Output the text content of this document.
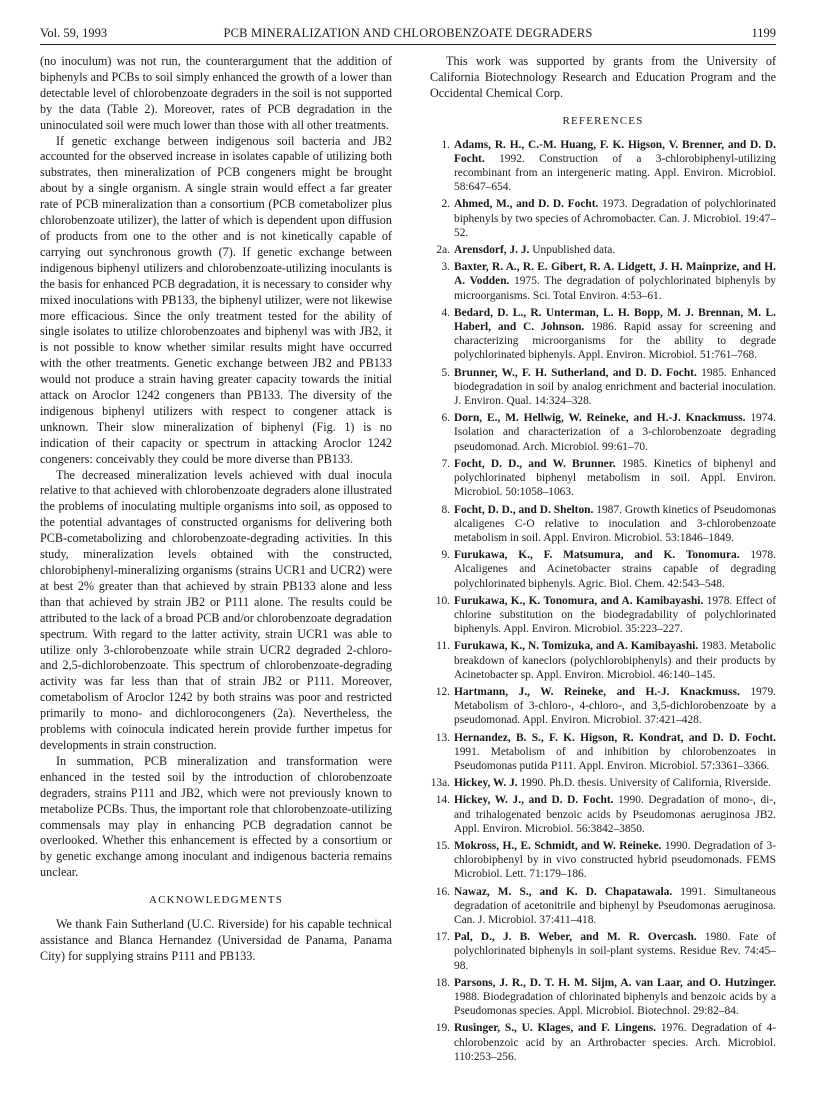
Vol. 59, 1993	PCB MINERALIZATION AND CHLOROBENZOATE DEGRADERS	1199

(no inoculum) was not run, the counterargument that the addition of biphenyls and PCBs to soil simply enhanced the growth of a lower than detectable level of chlorobenzoate degraders in the soil is not supported by the data (Table 2). Moreover, rates of PCB degradation in the uninoculated soil were much lower than those with all other treatments.

If genetic exchange between indigenous soil bacteria and JB2 accounted for the observed increase in isolates capable of utilizing both substrates, then mineralization of PCB congeners might be brought about by a single organism. A single strain would effect a far greater rate of PCB mineralization than a consortium (PCB cometabolizer plus chlorobenzoate utilizer), the latter of which is dependent upon diffusion of products from one to the other and is not kinetically capable of carrying out synchronous growth (7). If genetic exchange between indigenous biphenyl utilizers and chlorobenzoate-utilizing inoculants is the basis for enhanced PCB degradation, it is necessary to consider why mixed inoculations with PB133, the biphenyl utilizer, were not likewise more efficacious. Since the only treatment tested for the ability of single isolates to utilize chlorobenzoates and biphenyl was with JB2, it is not possible to know whether similar results might have occurred with the other treatments. Genetic exchange between JB2 and PB133 would not produce a strain having greater capacity towards the initial attack on Aroclor 1242 congeners than PB133. The diversity of the indigenous biphenyl utilizers with respect to congener attack is unknown. Their slow mineralization of biphenyl (Fig. 1) is no indication of their capacity or spectrum in attacking Aroclor 1242 congeners: conceivably they could be more diverse than PB133.

The decreased mineralization levels achieved with dual inocula relative to that achieved with chlorobenzoate degraders alone illustrated the problems of inoculating multiple organisms into soil, as opposed to the potential advantages of constructed organisms for delivering both PCB-cometabolizing and chlorobenzoate-degrading activities. In this study, mineralization levels obtained with the constructed, chlorobiphenyl-mineralizing organisms (strains UCR1 and UCR2) were at best 2% greater than that achieved by strain PB133 alone and less than that achieved by strain JB2 or P111 alone. The results could be attributed to the lack of a broad PCB and/or chlorobenzoate degradation spectrum. With regard to the latter activity, strain UCR1 was able to utilize only 3-chlorobenzoate while strain UCR2 degraded 2-chloro- and 2,5-dichlorobenzoate. This spectrum of chlorobenzoate-degrading activity was far less than that of strain JB2 or P111. Moreover, cometabolism of Aroclor 1242 by both strains was poor and restricted primarily to mono- and dichlorocongeners (2a). Nevertheless, the problems with coinocula indicated herein provide further impetus for developments in strain construction.

In summation, PCB mineralization and transformation were enhanced in the tested soil by the introduction of chlorobenzoate degraders, strains P111 and JB2, which were not previously known to metabolize PCBs. Thus, the important role that chlorobenzoate-utilizing commensals may play in enhancing PCB degradation cannot be overlooked. Whether this enhancement is effected by a consortium or by genetic exchange among inoculant and indigenous bacteria remains unclear.

ACKNOWLEDGMENTS

We thank Fain Sutherland (U.C. Riverside) for his capable technical assistance and Blanca Hernandez (Universidad de Panama, Panama City) for supplying strains P111 and PB133.

This work was supported by grants from the University of California Biotechnology Research and Education Program and the Occidental Chemical Corp.

REFERENCES
1. Adams, R. H., C.-M. Huang, F. K. Higson, V. Brenner, and D. D. Focht. 1992. Construction of a 3-chlorobiphenyl-utilizing recombinant from an intergeneric mating. Appl. Environ. Microbiol. 58:647–654.
2. Ahmed, M., and D. D. Focht. 1973. Degradation of polychlorinated biphenyls by two species of Achromobacter. Can. J. Microbiol. 19:47–52.
2a. Arensdorf, J. J. Unpublished data.
3. Baxter, R. A., R. E. Gibert, R. A. Lidgett, J. H. Mainprize, and H. A. Vodden. 1975. The degradation of polychlorinated biphenyls by microorganisms. Sci. Total Environ. 4:53–61.
4. Bedard, D. L., R. Unterman, L. H. Bopp, M. J. Brennan, M. L. Haberl, and C. Johnson. 1986. Rapid assay for screening and characterizing microorganisms for the ability to degrade polychlorinated biphenyls. Appl. Environ. Microbiol. 51:761–768.
5. Brunner, W., F. H. Sutherland, and D. D. Focht. 1985. Enhanced biodegradation in soil by analog enrichment and bacterial inoculation. J. Environ. Qual. 14:324–328.
6. Dorn, E., M. Hellwig, W. Reineke, and H.-J. Knackmuss. 1974. Isolation and characterization of a 3-chlorobenzoate degrading pseudomonad. Arch. Microbiol. 99:61–70.
7. Focht, D. D., and W. Brunner. 1985. Kinetics of biphenyl and polychlorinated biphenyl metabolism in soil. Appl. Environ. Microbiol. 50:1058–1063.
8. Focht, D. D., and D. Shelton. 1987. Growth kinetics of Pseudomonas alcaligenes C-O relative to inoculation and 3-chlorobenzoate metabolism in soil. Appl. Environ. Microbiol. 53:1846–1849.
9. Furukawa, K., F. Matsumura, and K. Tonomura. 1978. Alcaligenes and Acinetobacter strains capable of degrading polychlorinated biphenyls. Agric. Biol. Chem. 42:543–548.
10. Furukawa, K., K. Tonomura, and A. Kamibayashi. 1978. Effect of chlorine substitution on the biodegradability of polychlorinated biphenyls. Appl. Environ. Microbiol. 35:223–227.
11. Furukawa, K., N. Tomizuka, and A. Kamibayashi. 1983. Metabolic breakdown of kaneclors (polychlorobiphenyls) and their products by Acinetobacter sp. Appl. Environ. Microbiol. 46:140–145.
12. Hartmann, J., W. Reineke, and H.-J. Knackmuss. 1979. Metabolism of 3-chloro-, 4-chloro-, and 3,5-dichlorobenzoate by a pseudomonad. Appl. Environ. Microbiol. 37:421–428.
13. Hernandez, B. S., F. K. Higson, R. Kondrat, and D. D. Focht. 1991. Metabolism of and inhibition by chlorobenzoates in Pseudomonas putida P111. Appl. Environ. Microbiol. 57:3361–3366.
13a. Hickey, W. J. 1990. Ph.D. thesis. University of California, Riverside.
14. Hickey, W. J., and D. D. Focht. 1990. Degradation of mono-, di-, and trihalogenated benzoic acids by Pseudomonas aeruginosa JB2. Appl. Environ. Microbiol. 56:3842–3850.
15. Mokross, H., E. Schmidt, and W. Reineke. 1990. Degradation of 3-chlorobiphenyl by in vivo constructed hybrid pseudomonads. FEMS Microbiol. Lett. 71:179–186.
16. Nawaz, M. S., and K. D. Chapatawala. 1991. Simultaneous degradation of acetonitrile and biphenyl by Pseudomonas aeruginosa. Can. J. Microbiol. 37:411–418.
17. Pal, D., J. B. Weber, and M. R. Overcash. 1980. Fate of polychlorinated biphenyls in soil-plant systems. Residue Rev. 74:45–98.
18. Parsons, J. R., D. T. H. M. Sijm, A. van Laar, and O. Hutzinger. 1988. Biodegradation of chlorinated biphenyls and benzoic acids by a Pseudomonas species. Appl. Microbiol. Biotechnol. 29:82–84.
19. Rusinger, S., U. Klages, and F. Lingens. 1976. Degradation of 4-chlorobenzoic acid by an Arthrobacter species. Arch. Microbiol. 110:253–256.
